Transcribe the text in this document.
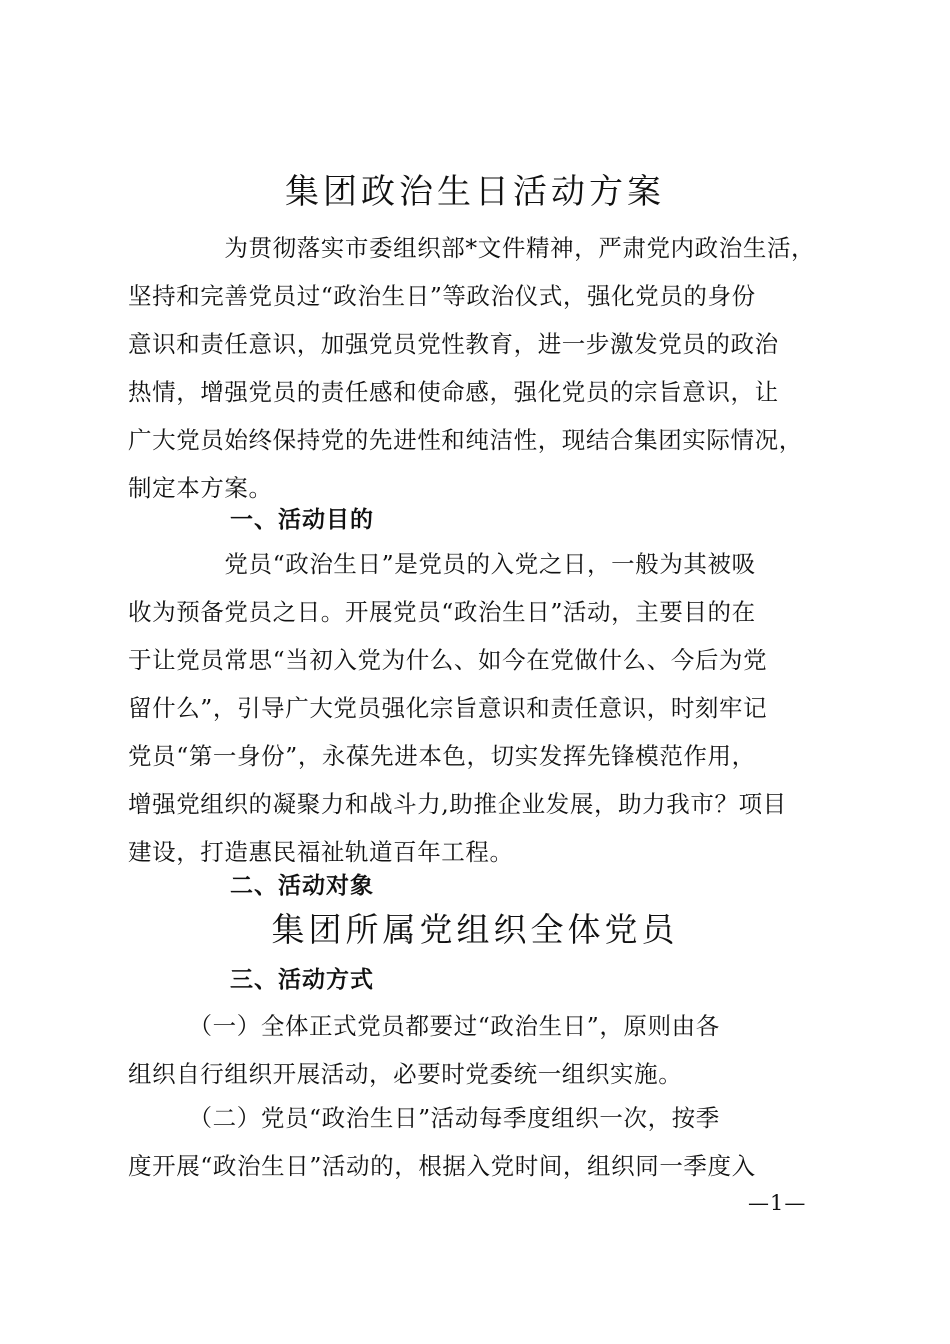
集团政治生日活动方案

　　　　为贯彻落实市委组织部*文件精神，严肃党内政治生活，
坚持和完善党员过“政治生日”等政治仪式，强化党员的身份
意识和责任意识，加强党员党性教育，进一步激发党员的政治
热情，增强党员的责任感和使命感，强化党员的宗旨意识，让
广大党员始终保持党的先进性和纯洁性，现结合集团实际情况，
制定本方案。

一、活动目的

　　　　党员“政治生日”是党员的入党之日，一般为其被吸
收为预备党员之日。开展党员“政治生日”活动，主要目的在
于让党员常思“当初入党为什么、如今在党做什么、今后为党
留什么”，引导广大党员强化宗旨意识和责任意识，时刻牢记
党员“第一身份”，永葆先进本色，切实发挥先锋模范作用，
增强党组织的凝聚力和战斗力,助推企业发展，助力我市？项目
建设，打造惠民福祉轨道百年工程。

二、活动对象
集团所属党组织全体党员
三、活动方式

　　　（一）全体正式党员都要过“政治生日”，原则由各
组织自行组织开展活动，必要时党委统一组织实施。

　　　（二）党员“政治生日”活动每季度组织一次，按季
度开展“政治生日”活动的，根据入党时间，组织同一季度入

—1—
